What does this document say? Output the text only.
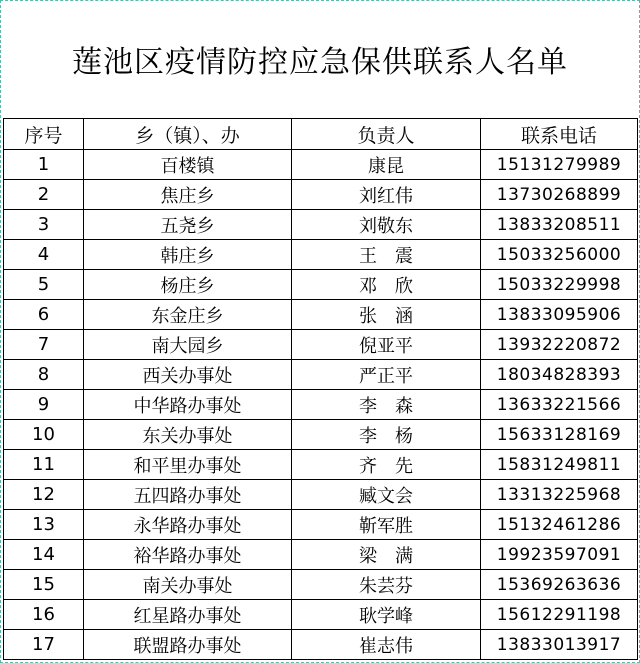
莲池区疫情防控应急保供联系人名单
序号	乡（镇）、办	负责人	联系电话
1	百楼镇	康昆	15131279989
2	焦庄乡	刘红伟	13730268899
3	五尧乡	刘敬东	13833208511
4	韩庄乡	王　震	15033256000
5	杨庄乡	邓　欣	15033229998
6	东金庄乡	张　涵	13833095906
7	南大园乡	倪亚平	13932220872
8	西关办事处	严正平	18034828393
9	中华路办事处	李　森	13633221566
10	东关办事处	李　杨	15633128169
11	和平里办事处	齐　先	15831249811
12	五四路办事处	臧文会	13313225968
13	永华路办事处	靳军胜	15132461286
14	裕华路办事处	梁　满	19923597091
15	南关办事处	朱芸芬	15369263636
16	红星路办事处	耿学峰	15612291198
17	联盟路办事处	崔志伟	13833013917
